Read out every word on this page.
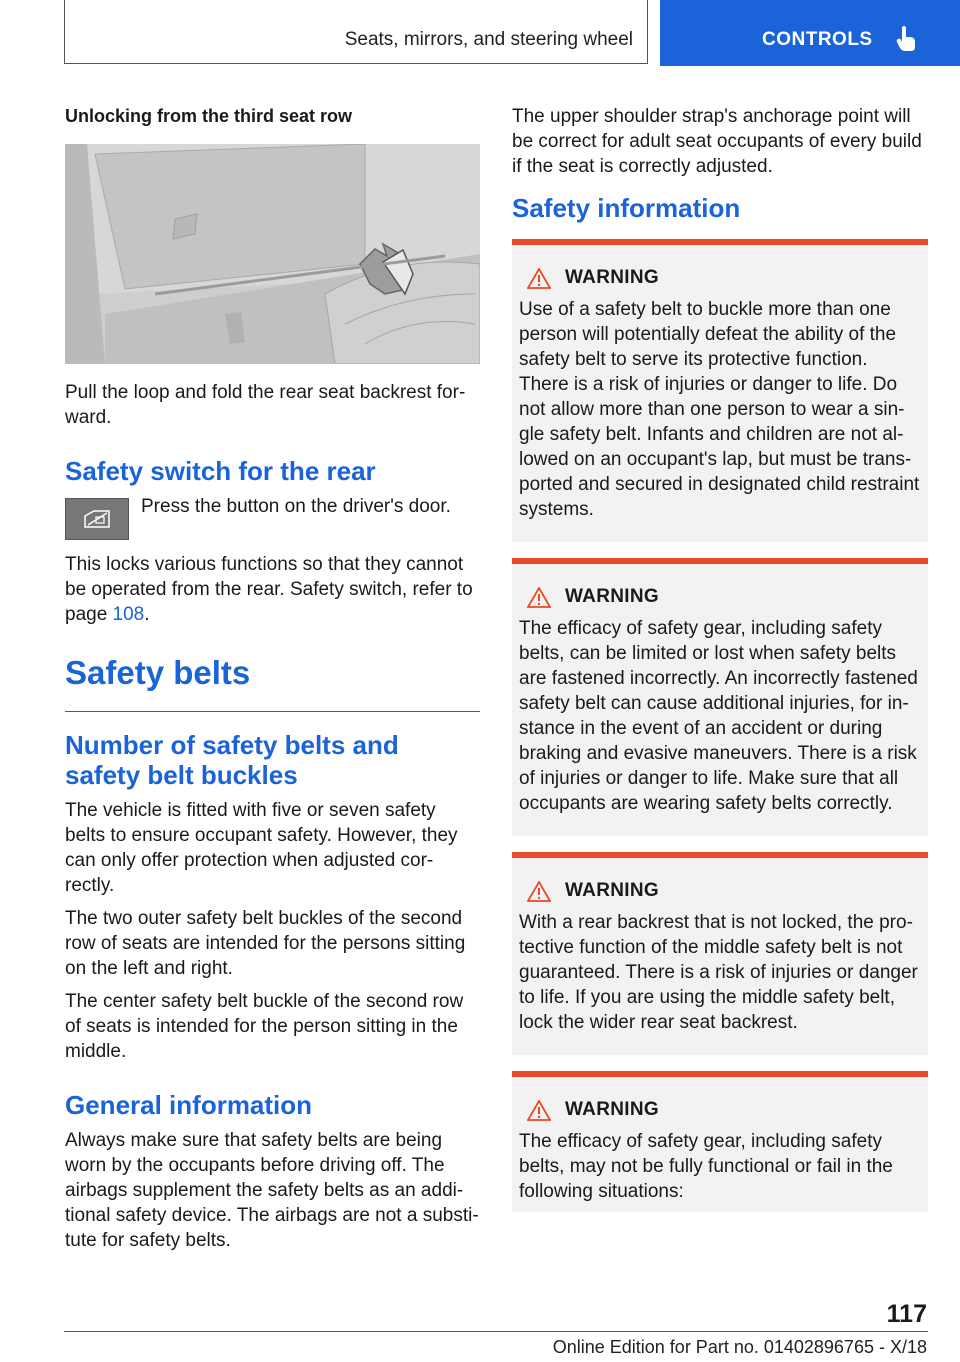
Seats, mirrors, and steering wheel	CONTROLS
Unlocking from the third seat row

Pull the loop and fold the rear seat backrest for-ward.

Safety switch for the rear

Press the button on the driver's door.

This locks various functions so that they cannot be operated from the rear. Safety switch, refer to page 108.

Safety belts
Number of safety belts and safety belt buckles

The vehicle is fitted with five or seven safety belts to ensure occupant safety. However, they can only offer protection when adjusted cor-rectly.

The two outer safety belt buckles of the second row of seats are intended for the persons sitting on the left and right.

The center safety belt buckle of the second row of seats is intended for the person sitting in the middle.

General information

Always make sure that safety belts are being worn by the occupants before driving off. The airbags supplement the safety belts as an addi-tional safety device. The airbags are not a substi-tute for safety belts.

The upper shoulder strap's anchorage point will be correct for adult seat occupants of every build if the seat is correctly adjusted.

Safety information
WARNING

Use of a safety belt to buckle more than one person will potentially defeat the ability of the safety belt to serve its protective function. There is a risk of injuries or danger to life. Do not allow more than one person to wear a sin-gle safety belt. Infants and children are not al-lowed on an occupant's lap, but must be trans-ported and secured in designated child restraint systems.

WARNING

The efficacy of safety gear, including safety belts, can be limited or lost when safety belts are fastened incorrectly. An incorrectly fastened safety belt can cause additional injuries, for in-stance in the event of an accident or during braking and evasive maneuvers. There is a risk of injuries or danger to life. Make sure that all occupants are wearing safety belts correctly.

WARNING

With a rear backrest that is not locked, the pro-tective function of the middle safety belt is not guaranteed. There is a risk of injuries or danger to life. If you are using the middle safety belt, lock the wider rear seat backrest.

WARNING

The efficacy of safety gear, including safety belts, may not be fully functional or fail in the following situations:

117
Online Edition for Part no. 01402896765 - X/18
